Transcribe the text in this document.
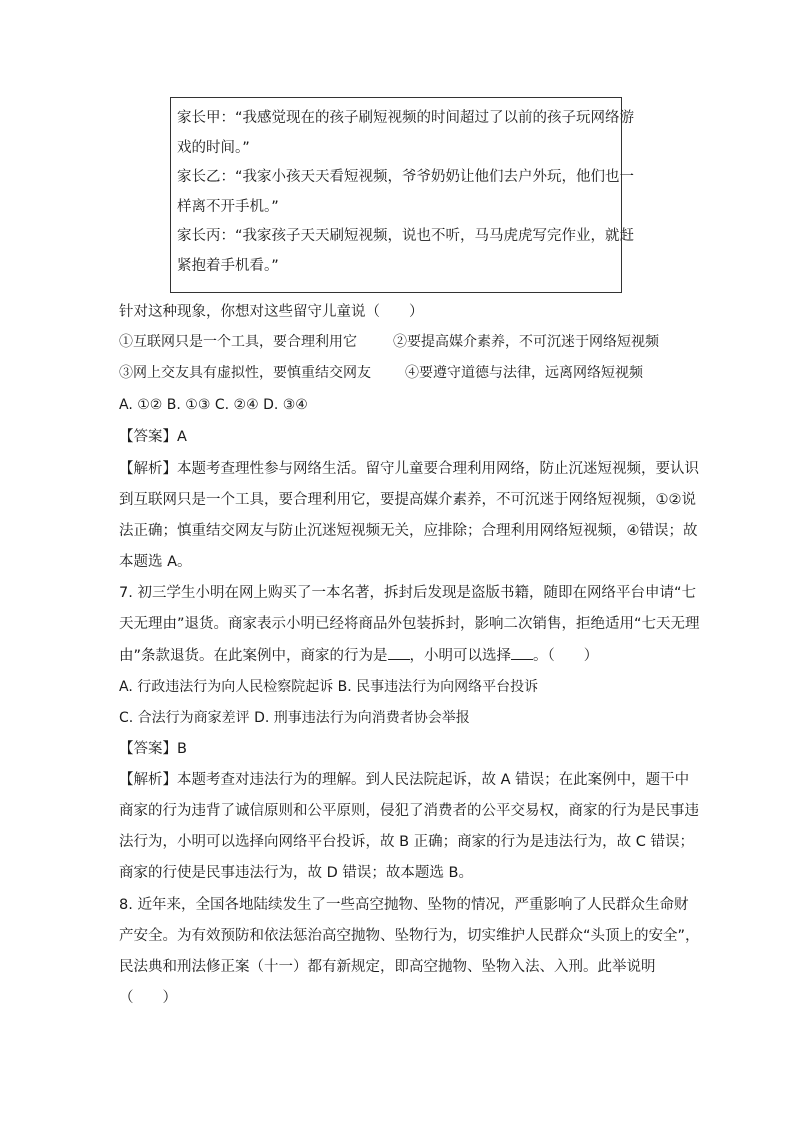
家长甲：“我感觉现在的孩子刷短视频的时间超过了以前的孩子玩网络游
戏的时间。”
家长乙：“我家小孩天天看短视频，爷爷奶奶让他们去户外玩，他们也一
样离不开手机。”
家长丙：“我家孩子天天刷短视频，说也不听，马马虎虎写完作业，就赶
紧抱着手机看。”
针对这种现象，你想对这些留守儿童说（　　）
①互联网只是一个工具，要合理利用它	②要提高媒介素养，不可沉迷于网络短视频
③网上交友具有虚拟性，要慎重结交网友 ④要遵守道德与法律，远离网络短视频
A. ①② B. ①③ C. ②④ D. ③④
【答案】A
【解析】本题考查理性参与网络生活。留守儿童要合理利用网络，防止沉迷短视频，要认识
到互联网只是一个工具，要合理利用它，要提高媒介素养，不可沉迷于网络短视频，①②说
法正确；慎重结交网友与防止沉迷短视频无关，应排除；合理利用网络短视频，④错误；故
本题选 A。
7. 初三学生小明在网上购买了一本名著，拆封后发现是盗版书籍，随即在网络平台申请“七
天无理由”退货。商家表示小明已经将商品外包装拆封，影响二次销售，拒绝适用“七天无理
由”条款退货。在此案例中，商家的行为是 ，小明可以选择 。（　　）
A. 行政违法行为向人民检察院起诉 B. 民事违法行为向网络平台投诉
C. 合法行为商家差评 D. 刑事违法行为向消费者协会举报
【答案】B
【解析】本题考查对违法行为的理解。到人民法院起诉，故 A 错误；在此案例中，题干中
商家的行为违背了诚信原则和公平原则，侵犯了消费者的公平交易权，商家的行为是民事违
法行为，小明可以选择向网络平台投诉，故 B 正确；商家的行为是违法行为，故 C 错误；
商家的行使是民事违法行为，故 D 错误；故本题选 B。
8. 近年来，全国各地陆续发生了一些高空抛物、坠物的情况，严重影响了人民群众生命财
产安全。为有效预防和依法惩治高空抛物、坠物行为，切实维护人民群众“头顶上的安全”，
民法典和刑法修正案（十一）都有新规定，即高空抛物、坠物入法、入刑。此举说明
（　　）
